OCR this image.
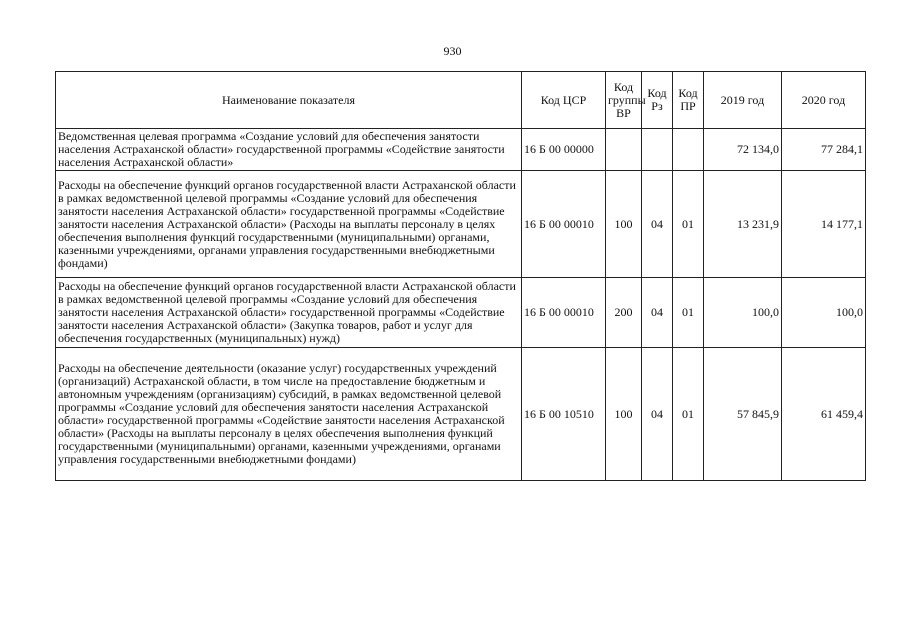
930
Наименование показателя	Код ЦСР	Код группы ВР	Код Рз	Код ПР	2019 год	2020 год
Ведомственная целевая программа «Создание условий для обеспечения занятости населения Астраханской области» государственной программы «Содействие занятости населения Астраханской области»	16 Б 00 00000				72 134,0	77 284,1
Расходы на обеспечение функций органов государственной власти Астраханской области в рамках ведомственной целевой программы «Создание условий для обеспечения занятости населения Астраханской области» государственной программы «Содействие занятости населения Астраханской области» (Расходы на выплаты персоналу в целях обеспечения выполнения функций государственными (муниципальными) органами, казенными учреждениями, органами управления государственными внебюджетными фондами)	16 Б 00 00010	100	04	01	13 231,9	14 177,1
Расходы на обеспечение функций органов государственной власти Астраханской области в рамках ведомственной целевой программы «Создание условий для обеспечения занятости населения Астраханской области» государственной программы «Содействие занятости населения Астраханской области» (Закупка товаров, работ и услуг для обеспечения государственных (муниципальных) нужд)	16 Б 00 00010	200	04	01	100,0	100,0
Расходы на обеспечение деятельности (оказание услуг) государственных учреждений (организаций) Астраханской области, в том числе на предоставление бюджетным и автономным учреждениям (организациям) субсидий, в рамках ведомственной целевой программы «Создание условий для обеспечения занятости населения Астраханской области» государственной программы «Содействие занятости населения Астраханской области» (Расходы на выплаты персоналу в целях обеспечения выполнения функций государственными (муниципальными) органами, казенными учреждениями, органами управления государственными внебюджетными фондами)	16 Б 00 10510	100	04	01	57 845,9	61 459,4
